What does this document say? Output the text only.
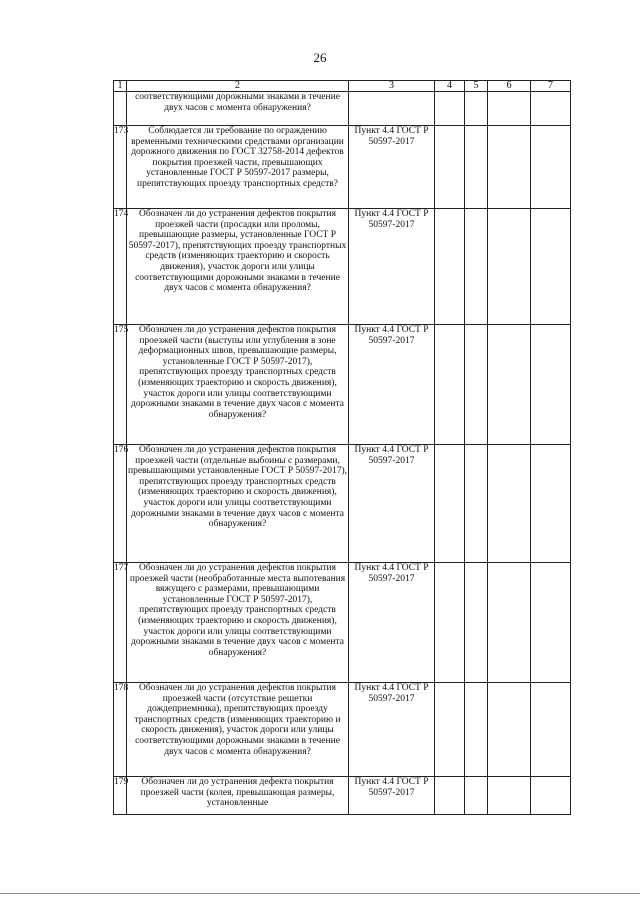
26
1	2	3	4	5	6	7
	соответствующими дорожными знаками в течение двух часов с момента обнаружения?					
173	Соблюдается ли требование по ограждению временными техническими средствами организации дорожного движения по ГОСТ 32758-2014 дефектов покрытия проезжей части, превышающих установленные ГОСТ Р 50597-2017 размеры, препятствующих проезду транспортных средств?	Пункт 4.4 ГОСТ Р 50597-2017				
174	Обозначен ли до устранения дефектов покрытия проезжей части (просадки или проломы, превышающие размеры, установленные ГОСТ Р 50597-2017), препятствующих проезду транспортных средств (изменяющих траекторию и скорость движения), участок дороги или улицы соответствующими дорожными знаками в течение двух часов с момента обнаружения?	Пункт 4.4 ГОСТ Р 50597-2017				
175	Обозначен ли до устранения дефектов покрытия проезжей части (выступы или углубления в зоне деформационных швов, превышающие размеры, установленные ГОСТ Р 50597-2017), препятствующих проезду транспортных средств (изменяющих траекторию и скорость движения), участок дороги или улицы соответствующими дорожными знаками в течение двух часов с момента обнаружения?	Пункт 4.4 ГОСТ Р 50597-2017				
176	Обозначен ли до устранения дефектов покрытия проезжей части (отдельные выбоины с размерами, превышающими установленные ГОСТ Р 50597-2017), препятствующих проезду транспортных средств (изменяющих траекторию и скорость движения), участок дороги или улицы соответствующими дорожными знаками в течение двух часов с момента обнаружения?	Пункт 4.4 ГОСТ Р 50597-2017				
177	Обозначен ли до устранения дефектов покрытия проезжей части (необработанные места выпотевания вяжущего с размерами, превышающими установленные ГОСТ Р 50597-2017), препятствующих проезду транспортных средств (изменяющих траекторию и скорость движения), участок дороги или улицы соответствующими дорожными знаками в течение двух часов с момента обнаружения?	Пункт 4.4 ГОСТ Р 50597-2017				
178	Обозначен ли до устранения дефектов покрытия проезжей части (отсутствие решетки дождеприемника), препятствующих проезду транспортных средств (изменяющих траекторию и скорость движения), участок дороги или улицы соответствующими дорожными знаками в течение двух часов с момента обнаружения?	Пункт 4.4 ГОСТ Р 50597-2017				
179	Обозначен ли до устранения дефекта покрытия проезжей части (колея, превышающая размеры, установленные	Пункт 4.4 ГОСТ Р 50597-2017				
